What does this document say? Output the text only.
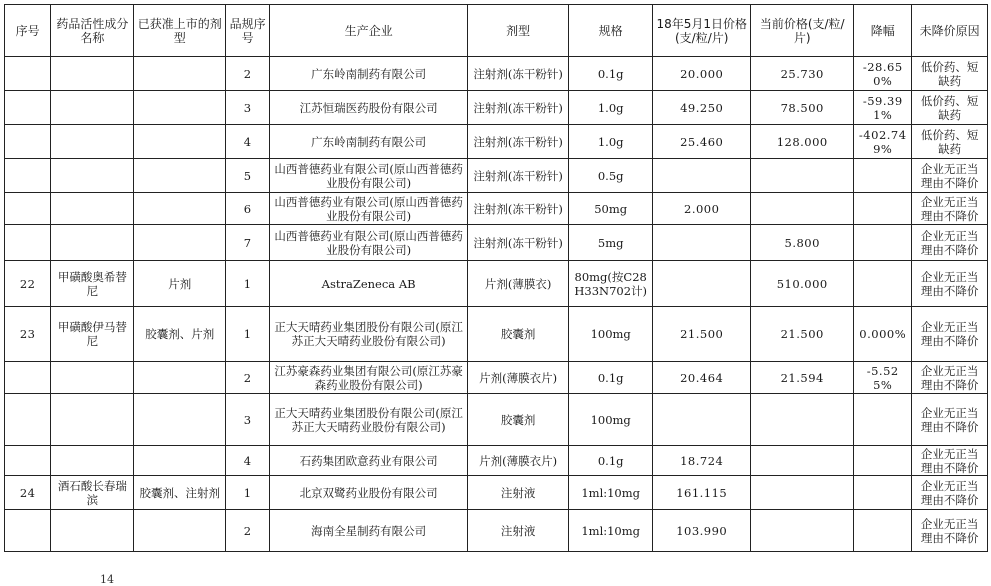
序号	药品活性成分名称	已获准上市的剂型	品规序号	生产企业	剂型	规格	18年5月1日价格(支/粒/片)	当前价格(支/粒/片)	降幅	未降价原因
			2	广东岭南制药有限公司	注射剂(冻干粉针)	0.1g	20.000	25.730	-28.650%	低价药、短缺药
			3	江苏恒瑞医药股份有限公司	注射剂(冻干粉针)	1.0g	49.250	78.500	-59.391%	低价药、短缺药
			4	广东岭南制药有限公司	注射剂(冻干粉针)	1.0g	25.460	128.000	-402.749%	低价药、短缺药
			5	山西普德药业有限公司(原山西普德药业股份有限公司)	注射剂(冻干粉针)	0.5g				企业无正当理由不降价
			6	山西普德药业有限公司(原山西普德药业股份有限公司)	注射剂(冻干粉针)	50mg	2.000			企业无正当理由不降价
			7	山西普德药业有限公司(原山西普德药业股份有限公司)	注射剂(冻干粉针)	5mg		5.800		企业无正当理由不降价
22	甲磺酸奥希替尼	片剂	1	AstraZeneca AB	片剂(薄膜衣)	80mg(按C28H33N702计)		510.000		企业无正当理由不降价
23	甲磺酸伊马替尼	胶囊剂、片剂	1	正大天晴药业集团股份有限公司(原江苏正大天晴药业股份有限公司)	胶囊剂	100mg	21.500	21.500	0.000%	企业无正当理由不降价
			2	江苏豪森药业集团有限公司(原江苏豪森药业股份有限公司)	片剂(薄膜衣片)	0.1g	20.464	21.594	-5.525%	企业无正当理由不降价
			3	正大天晴药业集团股份有限公司(原江苏正大天晴药业股份有限公司)	胶囊剂	100mg				企业无正当理由不降价
			4	石药集团欧意药业有限公司	片剂(薄膜衣片)	0.1g	18.724			企业无正当理由不降价
24	酒石酸长春瑞滨	胶囊剂、注射剂	1	北京双鹭药业股份有限公司	注射液	1ml:10mg	161.115			企业无正当理由不降价
			2	海南全星制药有限公司	注射液	1ml:10mg	103.990			企业无正当理由不降价
14
